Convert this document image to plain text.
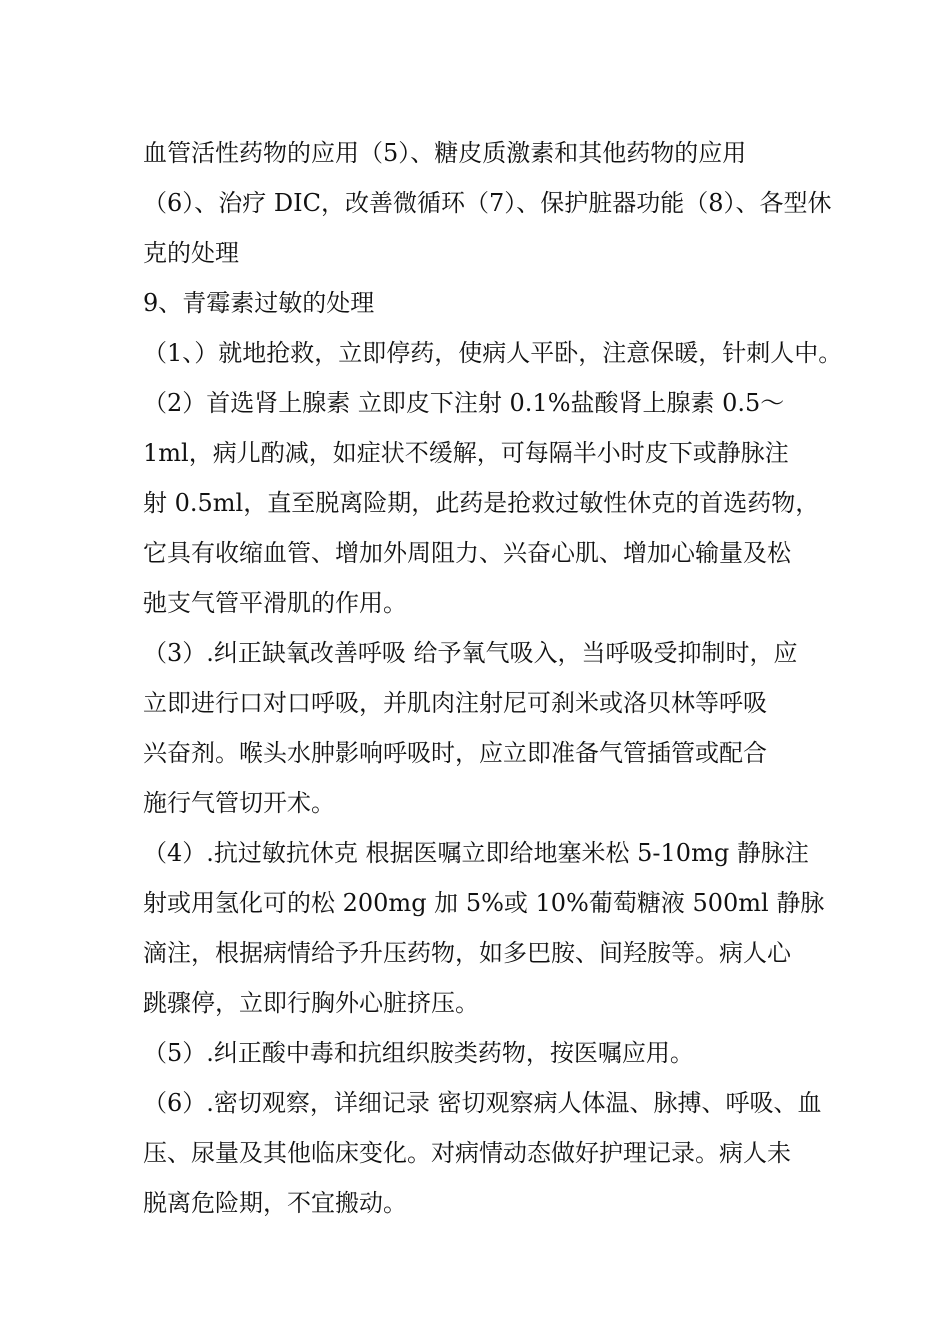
血管活性药物的应用（5）、糖皮质激素和其他药物的应用
（6）、治疗 DIC，改善微循环（7）、保护脏器功能（8）、各型休
克的处理
9、青霉素过敏的处理
（1、）就地抢救，立即停药，使病人平卧，注意保暖，针刺人中。
（2）首选肾上腺素 立即皮下注射 0.1%盐酸肾上腺素 0.5～
1ml，病儿酌减，如症状不缓解，可每隔半小时皮下或静脉注
射 0.5ml，直至脱离险期，此药是抢救过敏性休克的首选药物，
它具有收缩血管、增加外周阻力、兴奋心肌、增加心输量及松
弛支气管平滑肌的作用。
（3）.纠正缺氧改善呼吸 给予氧气吸入，当呼吸受抑制时，应
立即进行口对口呼吸，并肌肉注射尼可刹米或洛贝林等呼吸
兴奋剂。喉头水肿影响呼吸时，应立即准备气管插管或配合
施行气管切开术。
（4）.抗过敏抗休克 根据医嘱立即给地塞米松 5-10mg 静脉注
射或用氢化可的松 200mg 加 5%或 10%葡萄糖液 500ml 静脉
滴注，根据病情给予升压药物，如多巴胺、间羟胺等。病人心
跳骤停，立即行胸外心脏挤压。
（5）.纠正酸中毒和抗组织胺类药物，按医嘱应用。
（6）.密切观察，详细记录 密切观察病人体温、脉搏、呼吸、血
压、尿量及其他临床变化。对病情动态做好护理记录。病人未
脱离危险期，不宜搬动。
